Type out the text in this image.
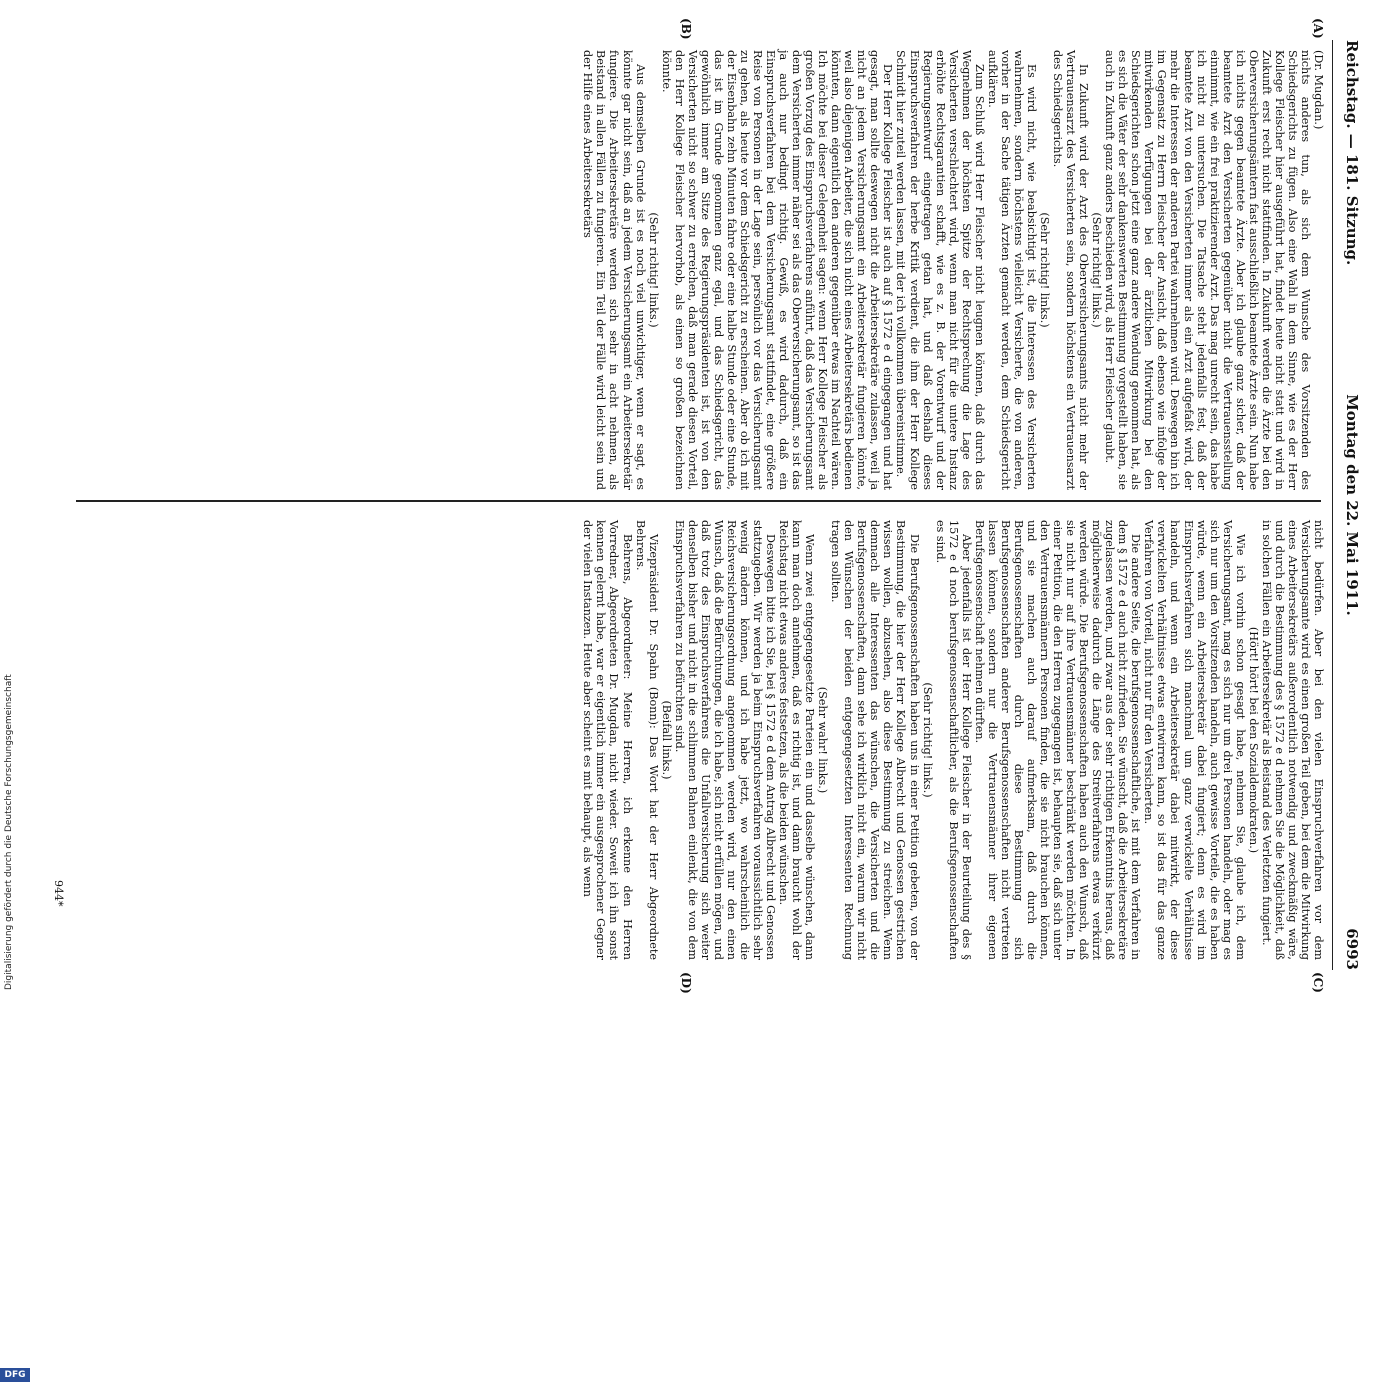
Reichstag. — 181. Sitzung.
Montag den 22. Mai 1911.
6993
(A)
(B)
(C)
(D)

(Dr. Mugdan.)

nichts anderes tun, als sich dem Wunsche des Vorsitzenden des Schiedsgerichts zu fügen. Also eine Wahl in dem Sinne, wie es der Herr Kollege Fleischer hier ausgeführt hat, findet heute nicht statt und wird in Zukunft erst recht nicht stattfinden. In Zukunft werden die Ärzte bei den Oberversicherungsämtern fast ausschließlich beamtete Ärzte sein. Nun habe ich nichts gegen beamtete Ärzte. Aber ich glaube ganz sicher, daß der beamtete Arzt den Versicherten gegenüber nicht die Vertrauensstellung einnimmt, wie ein frei praktizierender Arzt. Das mag unrecht sein, das habe ich nicht zu untersuchen. Die Tatsache steht jedenfalls fest, daß der beamtete Arzt von den Versicherten immer als ein Arzt aufgefaßt wird, der mehr die Interessen der anderen Partei wahrnehmen wird. Deswegen bin ich im Gegensatz zu Herrn Fleischer der Ansicht, daß ebenso wie infolge der mitwirkenden Verfügungen bei der ärztlichen Mitwirkung bei den Schiedsgerichten schon jetzt eine ganz andere Wendung genommen hat, als es sich die Väter der sehr dankenswerten Bestimmung vorgestellt haben, sie auch in Zukunft ganz anders beschieden wird, als Herr Fleischer glaubt.

(Sehr richtig! links.)

In Zukunft wird der Arzt des Oberversicherungsamts nicht mehr der Vertrauensarzt des Versicherten sein, sondern höchstens ein Vertrauensarzt des Schiedsgerichts.

(Sehr richtig! links.)

Es wird nicht, wie beabsichtigt ist, die Interessen des Versicherten wahrnehmen, sondern höchstens vielleicht Versicherte, die von anderen, vorher in der Sache tätigen Ärzten gemacht werden, dem Schiedsgericht aufklären.

Zum Schluß wird Herr Fleischer nicht leugnen können, daß durch das Wegnehmen der höchsten Spitze der Rechtsprechung die Lage des Versicherten verschlechtert wird, wenn man nicht für die untere Instanz erhöhte Rechtsgarantien schafft, wie es z. B. der Vorentwurf und der Regierungsentwurf eingetragen getan hat, und daß deshalb dieses Einspruchsverfahren der herbe Kritik verdient, die ihm der Herr Kollege Schmidt hier zuteil werden lassen, mit der ich vollkommen übereinstimme.

Der Herr Kollege Fleischer ist auch auf § 1572 e d eingegangen und hat gesagt, man sollte deswegen nicht die Arbeitersekretäre zulassen, weil ja nicht an jedem Versicherungsamt ein Arbeitersekretär fungieren könnte, weil also diejenigen Arbeiter, die sich nicht eines Arbeitersekretärs bedienen könnten, dann eigentlich den anderen gegenüber etwas im Nachteil wären. Ich möchte bei dieser Gelegenheit sagen: wenn Herr Kollege Fleischer als großen Vorzug des Einspruchsverfahrens anführt, daß das Versicherungsamt dem Versicherten immer näher sei als das Oberversicherungsamt, so ist das ja auch nur bedingt richtig. Gewiß, es wird dadurch, daß ein Einspruchsverfahren bei dem Versicherungsamt stattfindet, eine größere Reise von Personen in der Lage sein, persönlich vor das Versicherungsamt zu gehen, als heute vor dem Schiedsgericht zu erscheinen. Aber ob ich mit der Eisenbahn zehn Minuten fahre oder eine halbe Stunde oder eine Stunde, das ist im Grunde genommen ganz egal, und das Schiedsgericht, das gewöhnlich immer am Sitze des Regierungspräsidenten ist, ist von den Versicherten nicht so schwer zu erreichen, daß man gerade diesen Vorteil, den Herr Kollege Fleischer hervorhob, als einen so großen bezeichnen könnte.

(Sehr richtig! links.)

Aus demselben Grunde ist es noch viel unwichtiger, wenn er sagt, es könnte gar nicht sein, daß an jedem Versicherungsamt ein Arbeitersekretär fungiere. Die Arbeitersekretäre werden sich sehr in acht nehmen, als Beistand in allen Fällen zu fungieren. Ein Teil der Fälle wird leicht sein und der Hilfe eines Arbeitersekretärs

nicht bedürfen. Aber bei den vielen Einspruchverfahren vor dem Versicherungsamte wird es einen großen Teil geben, bei dem die Mitwirkung eines Arbeitersekretärs außerordentlich notwendig und zweckmäßig wäre, und durch die Bestimmung des § 1572 e d nehmen Sie die Möglichkeit, daß in solchen Fällen ein Arbeitersekretär als Beistand des Verletzten fungiert.

(Hört! hört! bei den Sozialdemokraten.)

Wie ich vorhin schon gesagt habe, nehmen Sie, glaube ich, dem Versicherungsamt, mag es sich nur um drei Personen handeln, oder mag es sich nur um den Vorsitzenden handeln, auch gewisse Vorteile, die es haben würde, wenn ein Arbeitersekretär dabei fungiert; denn es wird im Einspruchsverfahren sich manchmal um ganz verwickelte Verhältnisse handeln, und wenn ein Arbeitersekretär dabei mitwirkt, der diese verwickelten Verhältnisse etwas entwirren kann, so ist das für das ganze Verfahren von Vorteil, nicht nur für den Versicherten.

Die andere Seite, die berufsgenossenschaftliche, ist mit dem Verfahren in dem § 1572 e d auch nicht zufrieden. Sie wünscht, daß die Arbeitersekretäre zugelassen werden, und zwar aus der sehr richtigen Erkenntnis heraus, daß möglicherweise dadurch die Länge des Streitverfahrens etwas verkürzt werden würde. Die Berufsgenossenschaften haben auch den Wunsch, daß sie nicht nur auf ihre Vertrauensmänner beschränkt werden möchten. In einer Petition, die den Herren zugegangen ist, behaupten sie, daß sich unter den Vertrauensmännern Personen finden, die sie nicht brauchen können, und sie machen auch darauf aufmerksam, daß durch die Berufsgenossenschaften durch diese Bestimmung sich Berufsgenossenschaften anderer Berufsgenossenschaften nicht vertreten lassen können, sondern nur die Vertrauensmänner ihrer eigenen Berufsgenossenschaft nehmen dürften.

Aber jedenfalls ist der Herr Kollege Fleischer in der Beurteilung des § 1572 e d noch berufsgenossenschaftlicher, als die Berufsgenossenschaften es sind.

(Sehr richtig! links.)

Die Berufsgenossenschaften haben uns in einer Petition gebeten, von der Bestimmung, die hier der Herr Kollege Albrecht und Genossen gestrichen wissen wollen, abzusehen, also diese Bestimmung zu streichen. Wenn demnach alle Interessenten das wünschen, die Versicherten und die Berufsgenossenschaften, dann sehe ich wirklich nicht ein, warum wir nicht den Wünschen der beiden entgegengesetzten Interessenten Rechnung tragen sollten.

(Sehr wahr! links.)

Wenn zwei entgegengesetzte Parteien ein und dasselbe wünschen, dann kann man doch annehmen, daß es richtig ist, und dann braucht wohl der Reichstag nicht etwas anderes festsetzen, als die beiden wünschen.

Deswegen bitte ich Sie, bei § 1572 e d dem Antrag Albrecht und Genossen stattzugeben. Wir werden ja beim Einspruchsverfahren voraussichtlich sehr wenig ändern können, und ich habe jetzt, wo wahrscheinlich die Reichsversicherungsordnung angenommen werden wird, nur den einen Wunsch, daß die Befürchtungen, die ich habe, sich nicht erfüllen mögen, und daß trotz des Einspruchsverfahrens die Unfallversicherung sich weiter denselben bisher und nicht in die schlimmen Bahnen einlenkt, die von dem Einspruchsverfahren zu befürchten sind.

(Beifall links.)

Vizepräsident Dr. Spahn (Bonn): Das Wort hat der Herr Abgeordnete Behrens.

Behrens, Abgeordneter: Meine Herren, ich erkenne den Herren Vorredner, Abgeordneten Dr. Mugdan, nicht wieder. Soweit ich ihn sonst kennen gelernt habe, war er eigentlich immer ein ausgesprochener Gegner der vielen Instanzen. Heute aber scheint es mit behaupt, als wenn

944*
DFG
Digitalisierung gefördert durch die Deutsche Forschungsgemeinschaft
